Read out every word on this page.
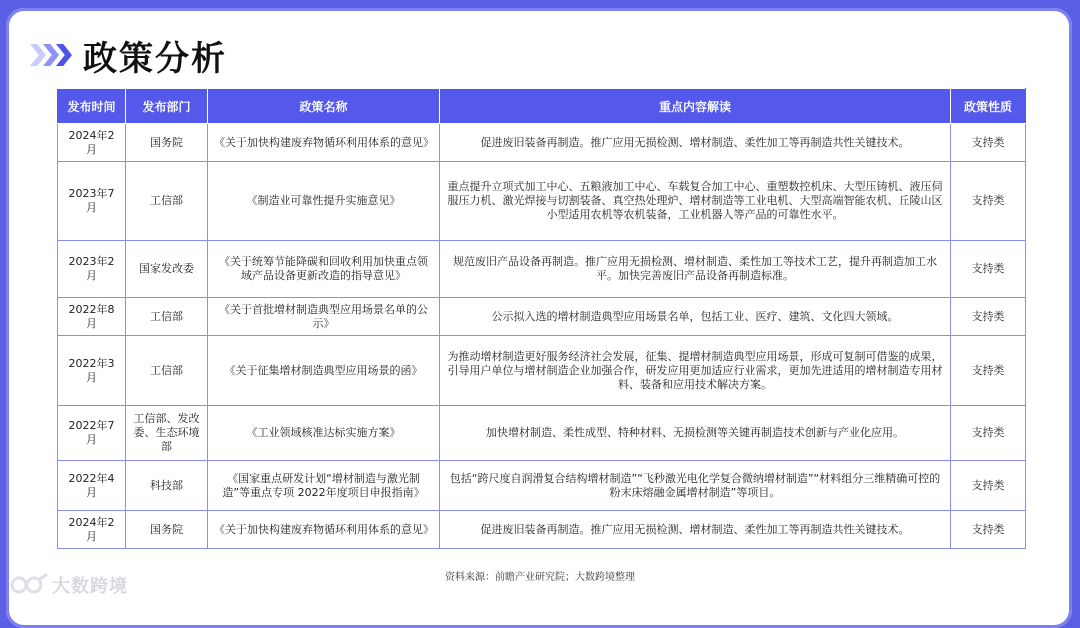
政策分析
发布时间	发布部门	政策名称	重点内容解读	政策性质
2024年2月	国务院	《关于加快构建废弃物循环利用体系的意见》	促进废旧装备再制造。推广应用无损检测、增材制造、柔性加工等再制造共性关键技术。	支持类
2023年7月	工信部	《制造业可靠性提升实施意见》	重点提升立项式加工中心、五粮液加工中心、车载复合加工中心、重塑数控机床、大型压铸机、液压伺服压力机、激光焊接与切割装备、真空热处理炉、增材制造等工业电机、大型高端智能农机、丘陵山区小型适用农机等农机装备，工业机器人等产品的可靠性水平。	支持类
2023年2月	国家发改委	《关于统筹节能降碳和回收利用加快重点领域产品设备更新改造的指导意见》	规范废旧产品设备再制造。推广应用无损检测、增材制造、柔性加工等技术工艺，提升再制造加工水平。加快完善废旧产品设备再制造标准。	支持类
2022年8月	工信部	《关于首批增材制造典型应用场景名单的公示》	公示拟入选的增材制造典型应用场景名单，包括工业、医疗、建筑、文化四大领域。	支持类
2022年3月	工信部	《关于征集增材制造典型应用场景的函》	为推动增材制造更好服务经济社会发展，征集、提增材制造典型应用场景，形成可复制可借鉴的成果，引导用户单位与增材制造企业加强合作，研发应用更加适应行业需求，更加先进适用的增材制造专用材料、装备和应用技术解决方案。	支持类
2022年7月	工信部、发改委、生态环境部	《工业领域核准达标实施方案》	加快增材制造、柔性成型、特种材料、无损检测等关键再制造技术创新与产业化应用。	支持类
2022年4月	科技部	《国家重点研发计划“增材制造与激光制造”等重点专项 2022年度项目申报指南》	包括“跨尺度自润滑复合结构增材制造”“飞秒激光电化学复合微纳增材制造”“材料组分三维精确可控的粉末床熔融金属增材制造”等项目。	支持类
2024年2月	国务院	《关于加快构建废弃物循环利用体系的意见》	促进废旧装备再制造。推广应用无损检测、增材制造、柔性加工等再制造共性关键技术。	支持类
资料来源：前瞻产业研究院；大数跨境整理
大数跨境
